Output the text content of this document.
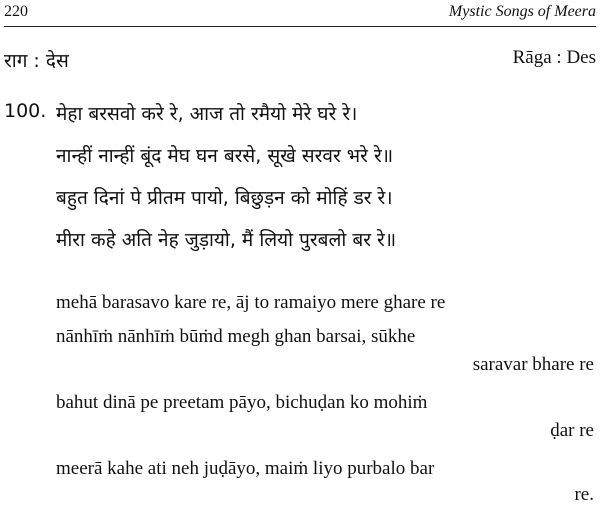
220	Mystic Songs of Meera
राग : देस	Rāga : Des
100. मेहा बरसवो करे रे, आज तो रमैयो मेरे घरे रे।
नान्हीं नान्हीं बूंद मेघ घन बरसे, सूखे सरवर भरे रे॥
बहुत दिनां पे प्रीतम पायो, बिछुड़न को मोहिं डर रे।
मीरा कहे अति नेह जुड़ायो, मैं लियो पुरबलो बर रे॥
mehā barasavo kare re, āj to ramaiyo mere ghare re
nānhīṁ nānhīṁ būṁd megh ghan barsai, sūkhe
saravar bhare re
bahut dinā pe preetam pāyo, bichuḍan ko mohiṁ
ḍar re
meerā kahe ati neh juḍāyo, maiṁ liyo purbalo bar
re.
